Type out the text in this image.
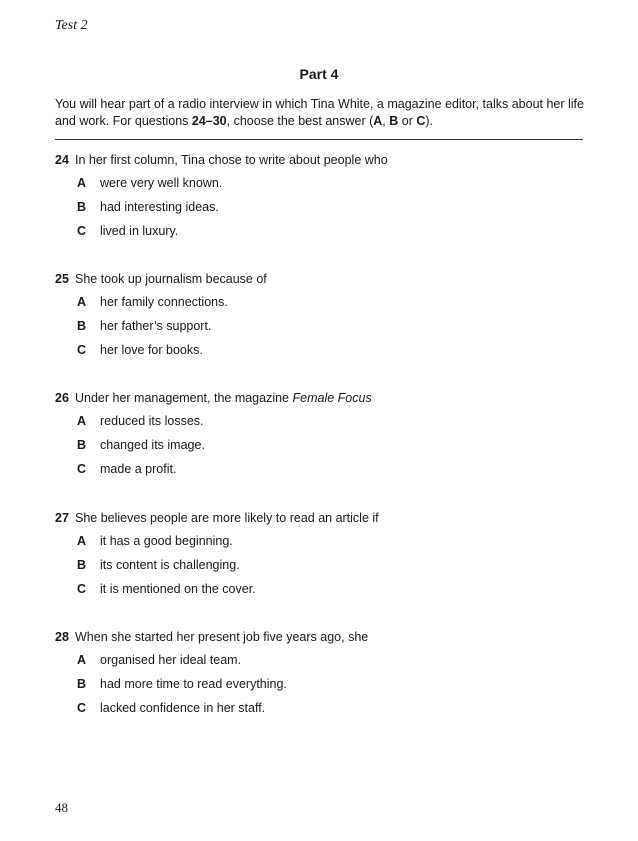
Test 2
Part 4
You will hear part of a radio interview in which Tina White, a magazine editor, talks about her life
and work. For questions 24–30, choose the best answer (A, B or C).
24 In her first column, Tina chose to write about people who
A were very well known.
B had interesting ideas.
C lived in luxury.
25 She took up journalism because of
A her family connections.
B her father’s support.
C her love for books.
26 Under her management, the magazine Female Focus
A reduced its losses.
B changed its image.
C made a profit.
27 She believes people are more likely to read an article if
A it has a good beginning.
B its content is challenging.
C it is mentioned on the cover.
28 When she started her present job five years ago, she
A organised her ideal team.
B had more time to read everything.
C lacked confidence in her staff.
48
